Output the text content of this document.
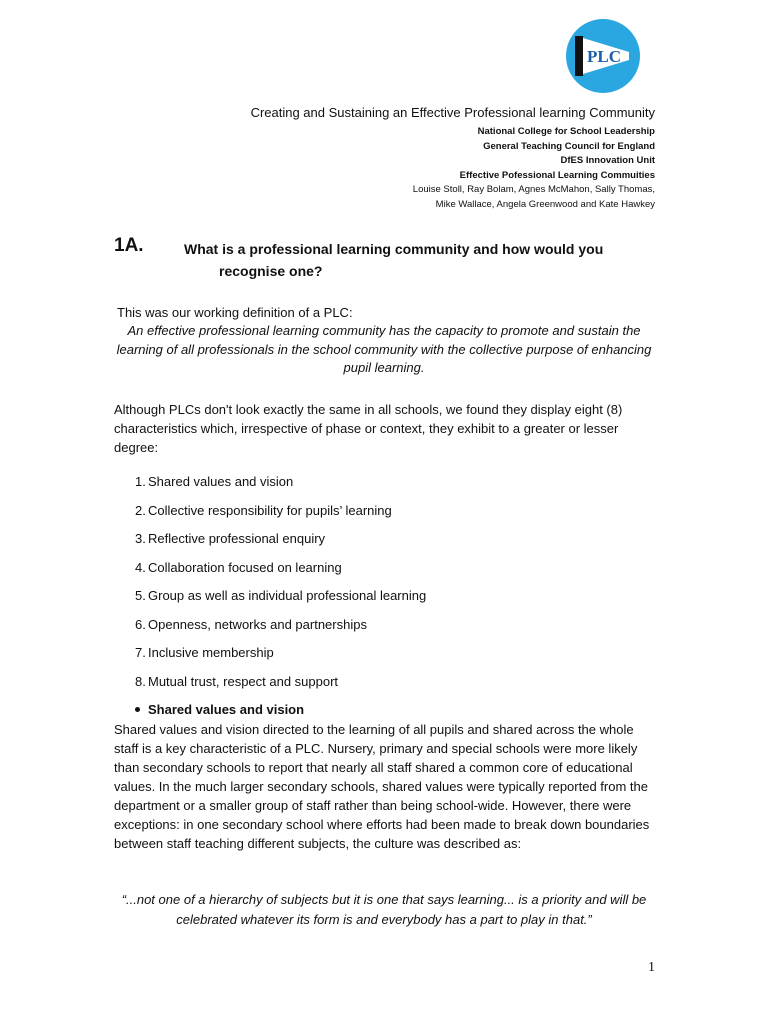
PLC
Creating and Sustaining an Effective Professional learning Community
National College for School Leadership
General Teaching Council for England
DfES Innovation Unit
Effective Pofessional Learning Commuities
Louise Stoll, Ray Bolam, Agnes McMahon, Sally Thomas,
Mike Wallace, Angela Greenwood and Kate Hawkey
1A.	What is a professional learning community and how would you
recognise one?
This was our working definition of a PLC:
An effective professional learning community has the capacity to promote and sustain the learning of all professionals in the school community with the collective purpose of enhancing pupil learning.
Although PLCs don't look exactly the same in all schools, we found they display eight (8) characteristics which, irrespective of phase or context, they exhibit to a greater or lesser degree:
1. Shared values and vision
2. Collective responsibility for pupils’ learning
3. Reflective professional enquiry
4. Collaboration focused on learning
5. Group as well as individual professional learning
6. Openness, networks and partnerships
7. Inclusive membership
8. Mutual trust, respect and support
Shared values and vision
Shared values and vision directed to the learning of all pupils and shared across the whole staff is a key characteristic of a PLC. Nursery, primary and special schools were more likely than secondary schools to report that nearly all staff shared a common core of educational values. In the much larger secondary schools, shared values were typically reported from the department or a smaller group of staff rather than being school-wide. However, there were exceptions: in one secondary school where efforts had been made to break down boundaries between staff teaching different subjects, the culture was described as:
“...not one of a hierarchy of subjects but it is one that says learning... is a priority and will be celebrated whatever its form is and everybody has a part to play in that.”
1
